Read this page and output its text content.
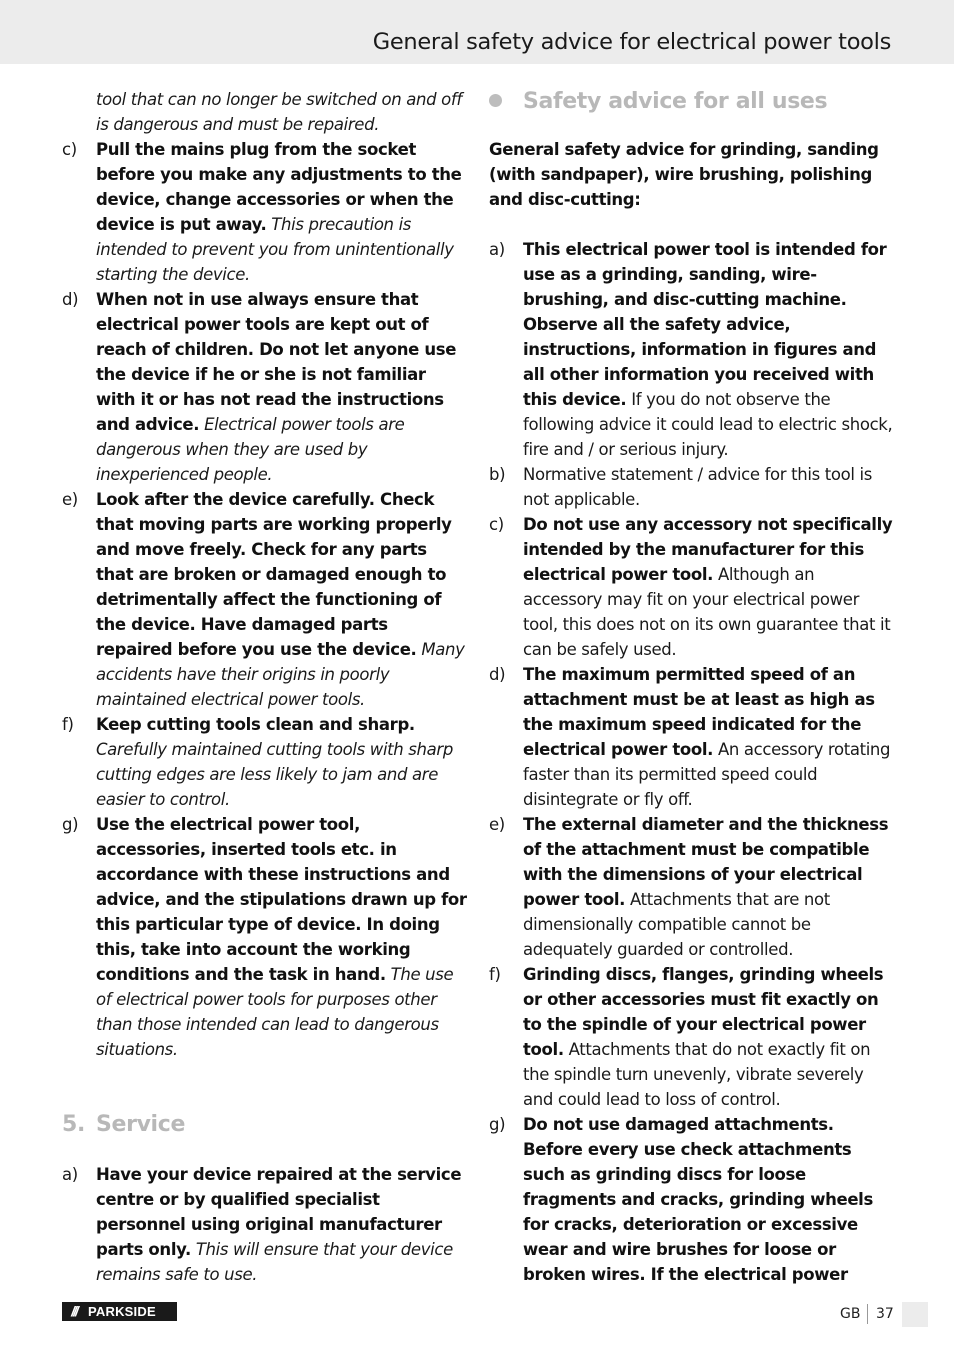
General safety advice for electrical power tools
tool that can no longer be switched on and off is dangerous and must be repaired.
c)	Pull the mains plug from the socket before you make any adjustments to the device, change accessories or when the device is put away. This precaution is intended to prevent you from unintentionally starting the device.
d)	When not in use always ensure that electrical power tools are kept out of reach of children. Do not let anyone use the device if he or she is not familiar with it or has not read the instructions and advice. Electrical power tools are dangerous when they are used by inexperienced people.
e)	Look after the device carefully. Check that moving parts are working properly and move freely. Check for any parts that are broken or damaged enough to detrimentally affect the functioning of the device. Have damaged parts repaired before you use the device. Many accidents have their origins in poorly maintained electrical power tools.
f)	Keep cutting tools clean and sharp. Carefully maintained cutting tools with sharp cutting edges are less likely to jam and are easier to control.
g)	Use the electrical power tool, accessories, inserted tools etc. in accordance with these instructions and advice, and the stipulations drawn up for this particular type of device. In doing this, take into account the working conditions and the task in hand. The use of electrical power tools for purposes other than those intended can lead to dangerous situations.
5. Service
a)	Have your device repaired at the service centre or by qualified specialist personnel using original manufacturer parts only. This will ensure that your device remains safe to use.
Safety advice for all uses
General safety advice for grinding, sanding (with sandpaper), wire brushing, polishing and disc-cutting:
a)	This electrical power tool is intended for use as a grinding, sanding, wire-brushing, and disc-cutting machine. Observe all the safety advice, instructions, information in figures and all other information you received with this device. If you do not observe the following advice it could lead to electric shock, fire and / or serious injury.
b)	Normative statement / advice for this tool is not applicable.
c)	Do not use any accessory not specifically intended by the manufacturer for this electrical power tool. Although an accessory may fit on your electrical power tool, this does not on its own guarantee that it can be safely used.
d)	The maximum permitted speed of an attachment must be at least as high as the maximum speed indicated for the electrical power tool. An accessory rotating faster than its permitted speed could disintegrate or fly off.
e)	The external diameter and the thickness of the attachment must be compatible with the dimensions of your electrical power tool. Attachments that are not dimensionally compatible cannot be adequately guarded or controlled.
f)	Grinding discs, flanges, grinding wheels or other accessories must fit exactly on to the spindle of your electrical power tool. Attachments that do not exactly fit on the spindle turn unevenly, vibrate severely and could lead to loss of control.
g)	Do not use damaged attachments. Before every use check attachments such as grinding discs for loose fragments and cracks, grinding wheels for cracks, deterioration or excessive wear and wire brushes for loose or broken wires. If the electrical power
/// PARKSIDE	GB 37
